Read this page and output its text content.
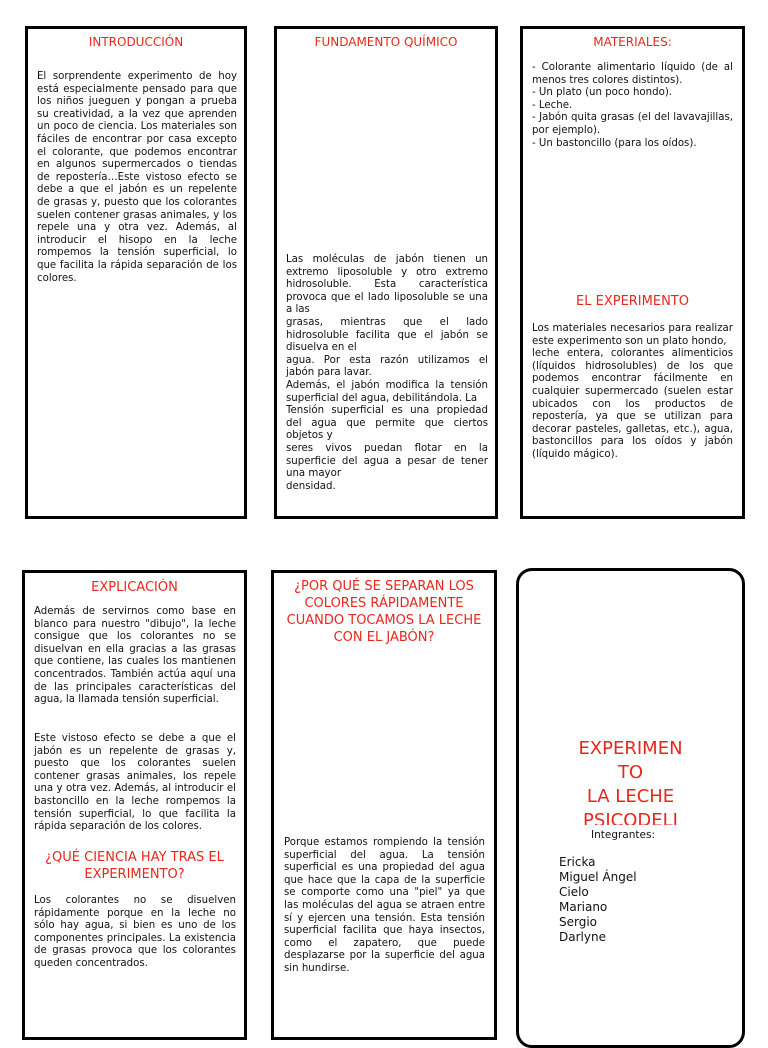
INTRODUCCIÓN

El sorprendente experimento de hoy está especialmente pensado para que los niños jueguen y pongan a prueba su creatividad, a la vez que aprenden un poco de ciencia. Los materiales son fáciles de encontrar por casa excepto el colorante, que podemos encontrar en algunos supermercados o tiendas de repostería…Este vistoso efecto se debe a que el jabón es un repelente de grasas y, puesto que los colorantes suelen contener grasas animales, y los repele una y otra vez. Además, al introducir el hisopo en la leche rompemos la tensión superficial, lo que facilita la rápida separación de los colores.

FUNDAMENTO QUÍMICO

Las moléculas de jabón tienen un extremo liposoluble y otro extremo hidrosoluble. Esta característica provoca que el lado liposoluble se una a las
grasas, mientras que el lado hidrosoluble facilita que el jabón se disuelva en el
agua. Por esta razón utilizamos el jabón para lavar.
Además, el jabón modifica la tensión superficial del agua, debilitándola. La
Tensión superficial es una propiedad del agua que permite que ciertos objetos y
seres vivos puedan flotar en la superficie del agua a pesar de tener una mayor
densidad.

MATERIALES:

- Colorante alimentario líquido (de al menos tres colores distintos).
- Un plato (un poco hondo).
- Leche.
- Jabón quita grasas (el del lavavajillas, por ejemplo).
- Un bastoncillo (para los oídos).

EL EXPERIMENTO

Los materiales necesarios para realizar este experimento son un plato hondo,
leche entera, colorantes alimenticios (líquidos hidrosolubles) de los que podemos encontrar fácilmente en cualquier supermercado (suelen estar ubicados con los productos de repostería, ya que se utilizan para decorar pasteles, galletas, etc.), agua, bastoncillos para los oídos y jabón (líquido mágico).

EXPLICACIÓN

Además de servirnos como base en blanco para nuestro "dibujo", la leche consigue que los colorantes no se disuelvan en ella gracias a las grasas que contiene, las cuales los mantienen concentrados. También actúa aquí una de las principales características del agua, la llamada tensión superficial.

Este vistoso efecto se debe a que el jabón es un repelente de grasas y, puesto que los colorantes suelen contener grasas animales, los repele una y otra vez. Además, al introducir el bastoncillo en la leche rompemos la tensión superficial, lo que facilita la rápida separación de los colores.

¿QUÉ CIENCIA HAY TRAS EL EXPERIMENTO?

Los colorantes no se disuelven rápidamente porque en la leche no sólo hay agua, si bien es uno de los componentes principales. La existencia de grasas provoca que los colorantes queden concentrados.

¿POR QUÉ SE SEPARAN LOS COLORES RÁPIDAMENTE CUANDO TOCAMOS LA LECHE CON EL JABÓN?

Porque estamos rompiendo la tensión superficial del agua. La tensión superficial es una propiedad del agua que hace que la capa de la superficie se comporte como una "piel" ya que las moléculas del agua se atraen entre sí y ejercen una tensión. Esta tensión superficial facilita que haya insectos, como el zapatero, que puede desplazarse por la superficie del agua sin hundirse.

EXPERIMEN

TO

LA LECHE

PSICODELI

Integrantes:

Ericka
Miguel Ángel
Cielo
Mariano
Sergio
Darlyne
